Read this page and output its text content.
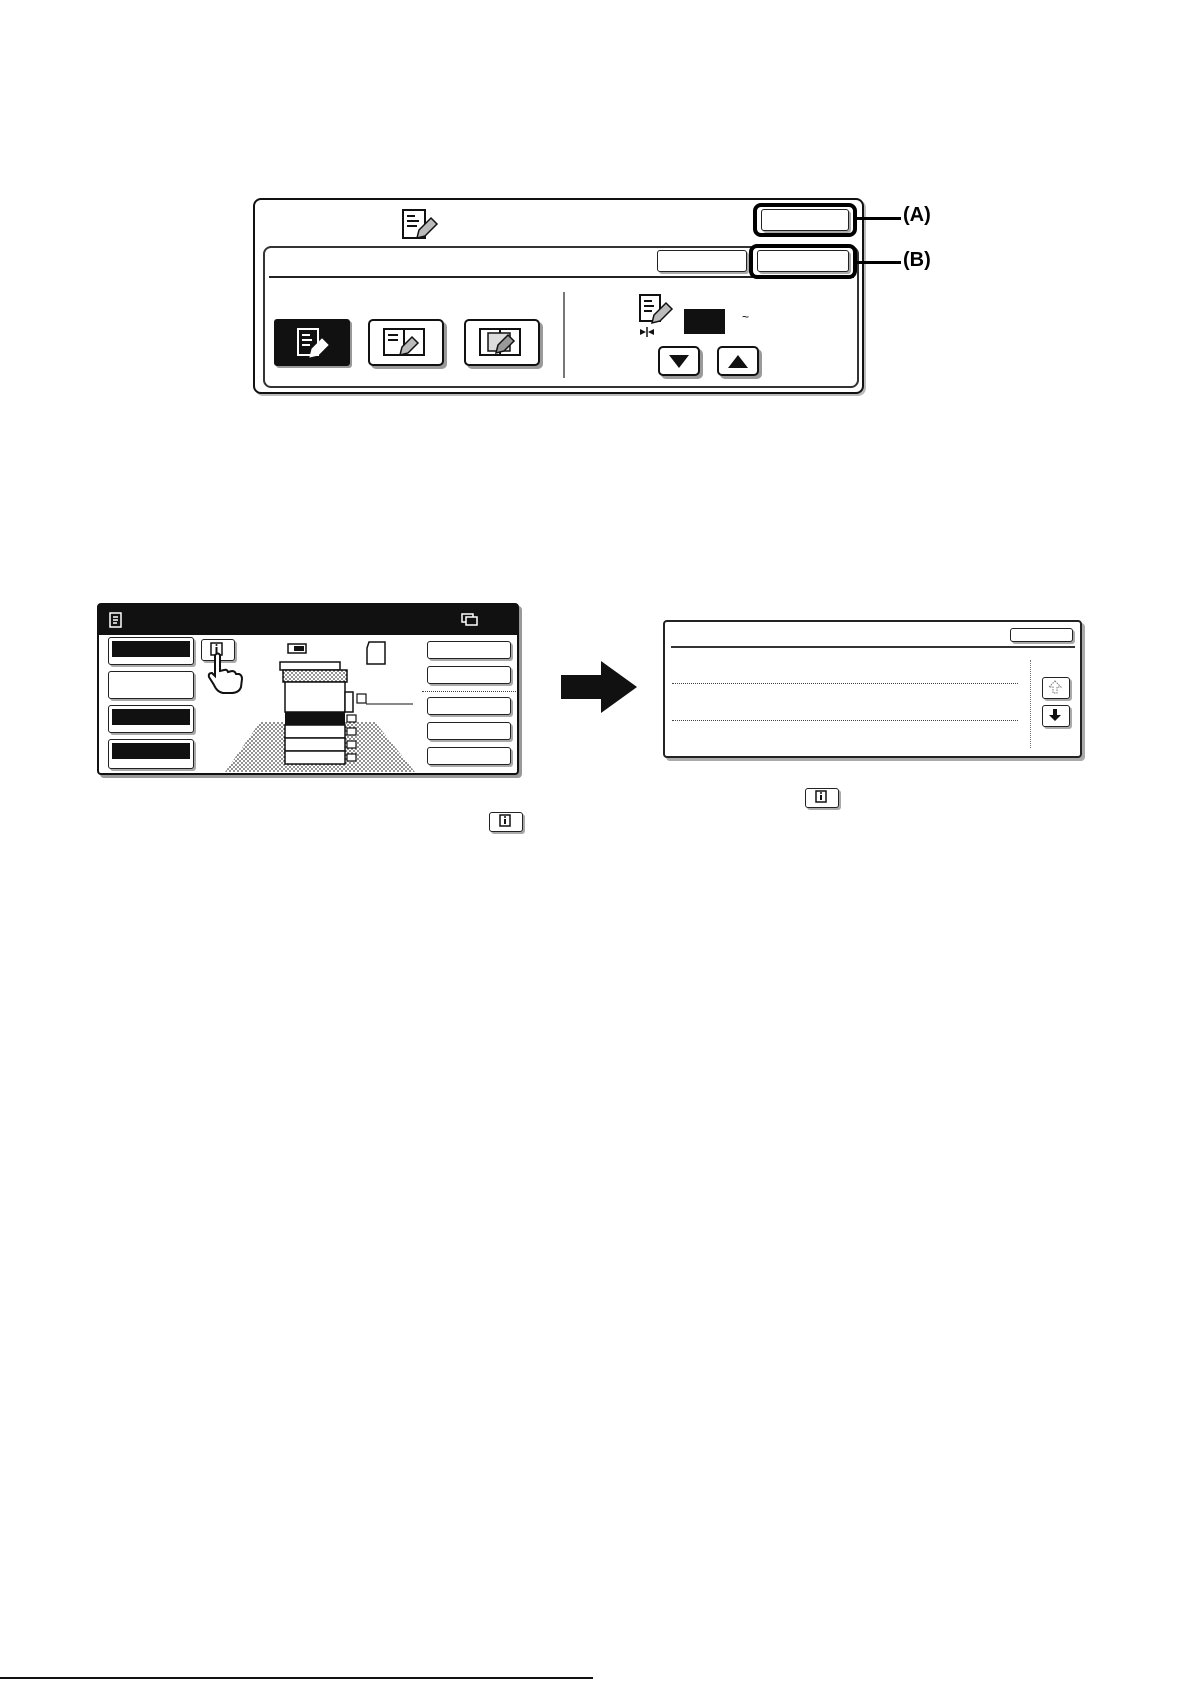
(A)
(B)
~
